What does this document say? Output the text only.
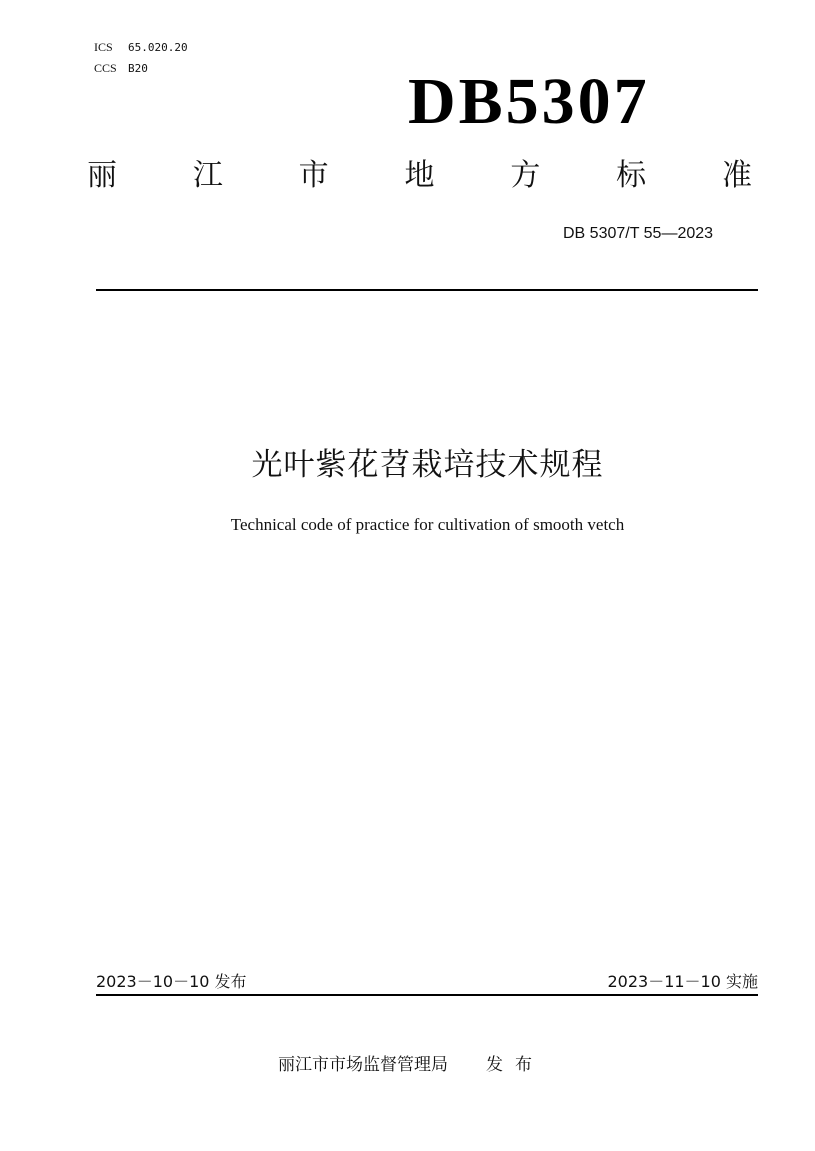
ICS 65.020.20
CCS B20	DB5307
丽	江	市	地	方	标	准
DB 5307/T 55—2023
光叶紫花苕栽培技术规程
Technical code of practice for cultivation of smooth vetch
2023－10－10 发布	2023－11－10 实施
丽江市市场监督管理局 发布
